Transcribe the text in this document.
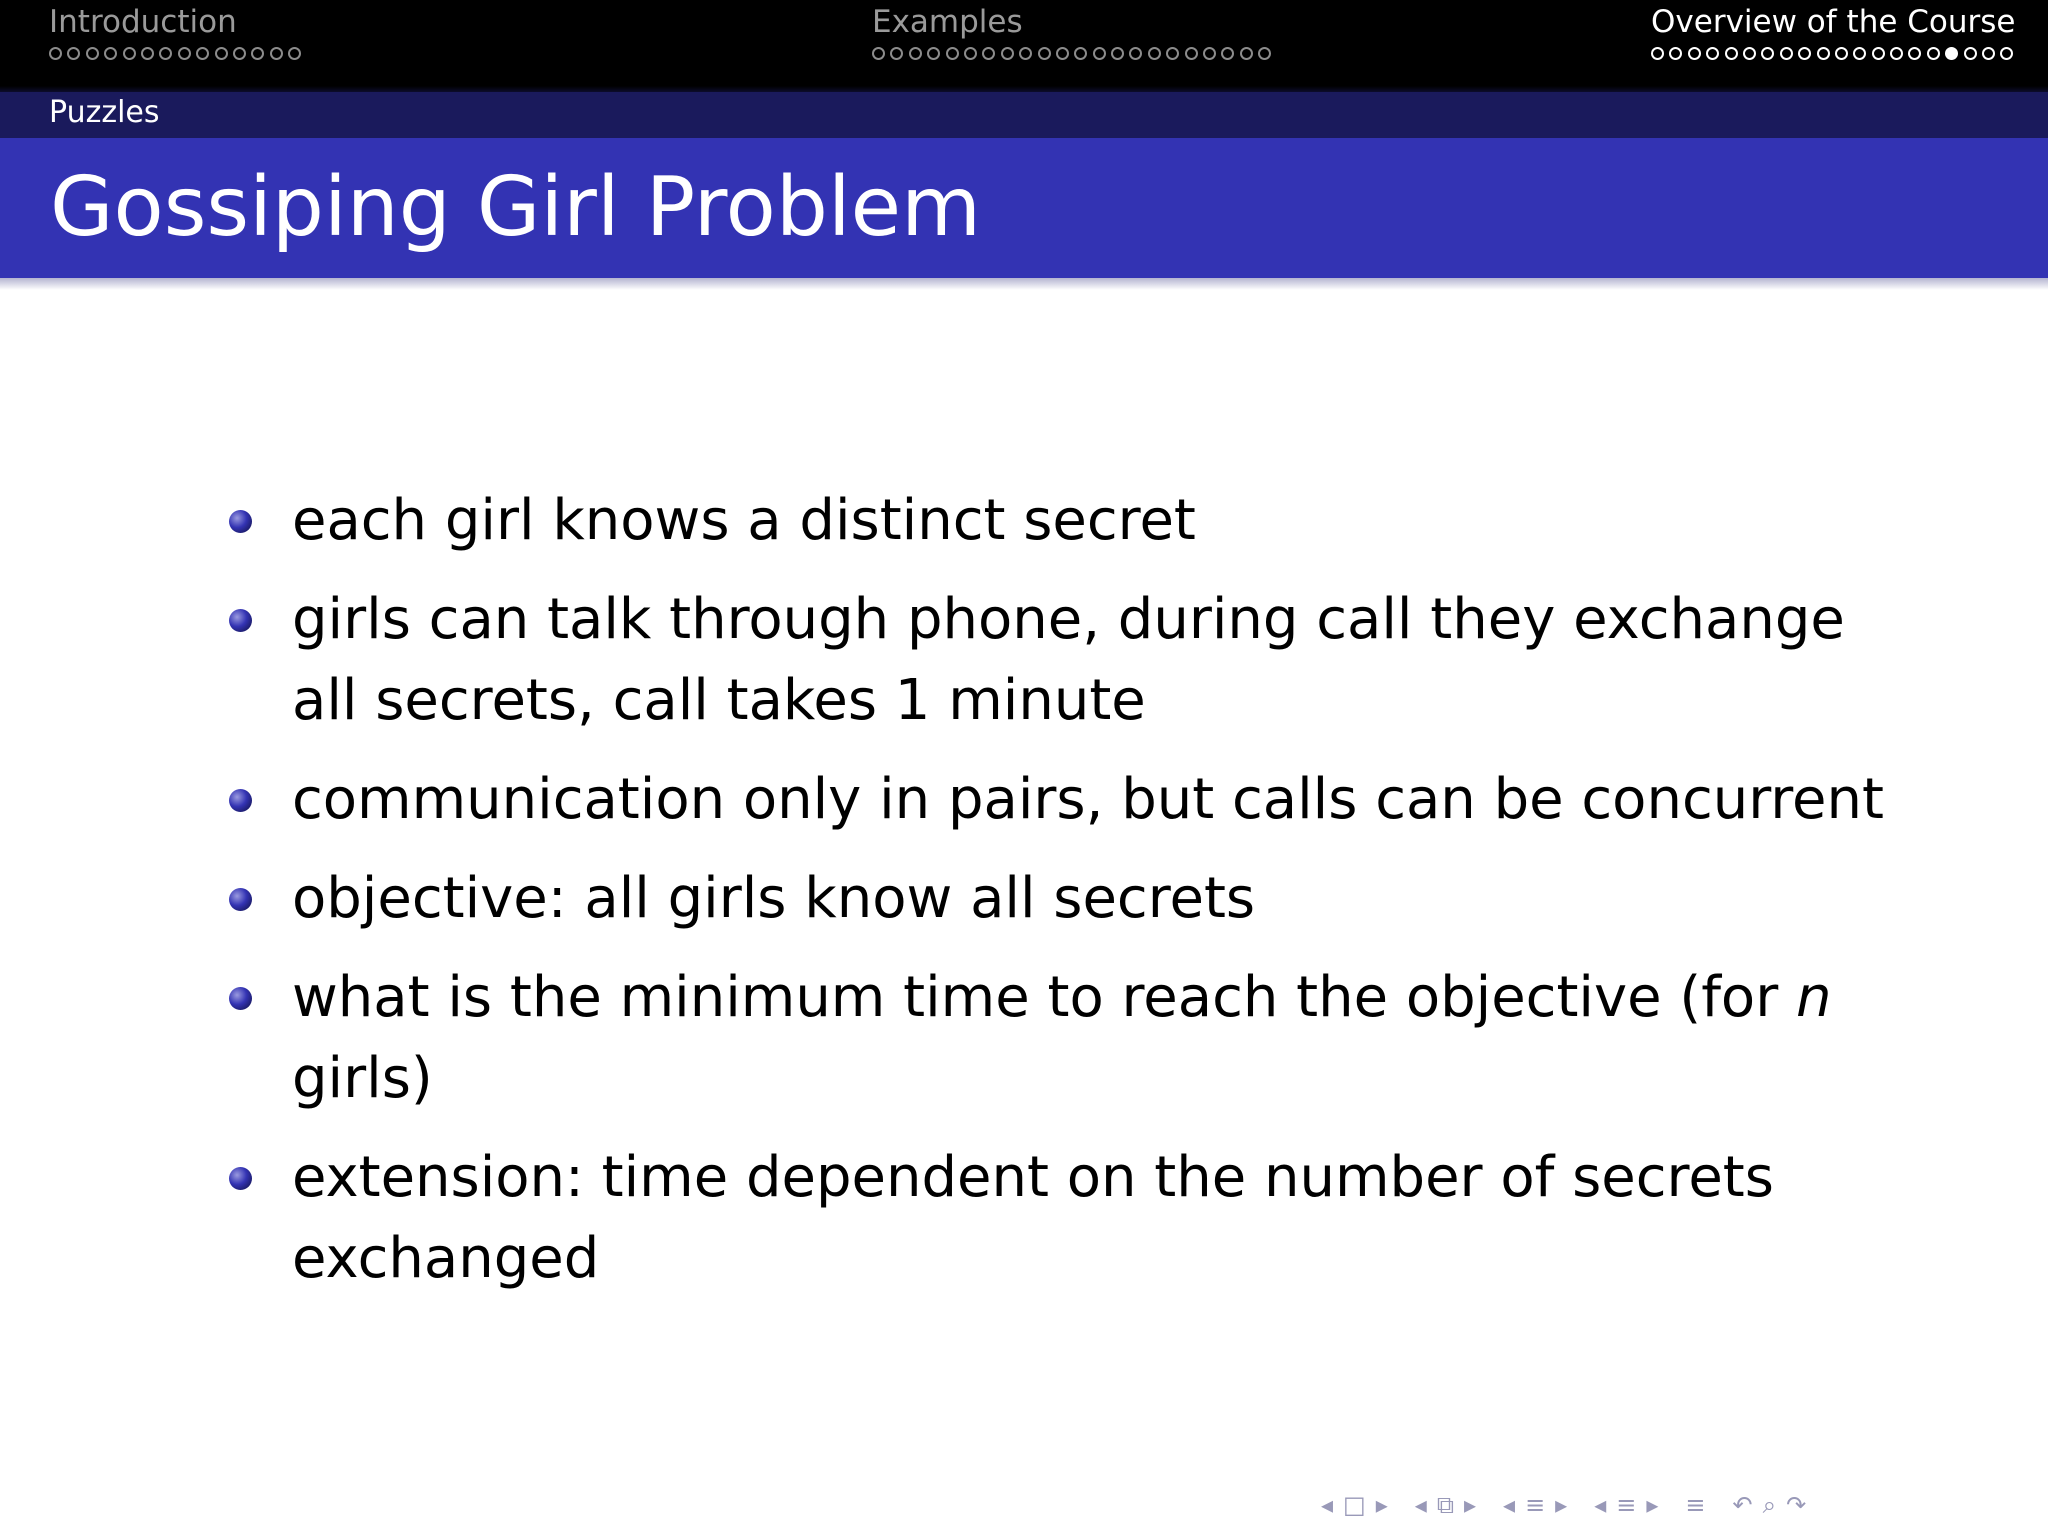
Introduction	Examples	Overview of the Course
Puzzles
Gossiping Girl Problem
each girl knows a distinct secret
girls can talk through phone, during call they exchange all secrets, call takes 1 minute
communication only in pairs, but calls can be concurrent
objective: all girls know all secrets
what is the minimum time to reach the objective (for n girls)
extension: time dependent on the number of secrets exchanged
◂ □ ▸ ◂ ⧉ ▸ ◂ ≡ ▸ ◂ ≡ ▸ ≡ ↶ ⌕ ↷
